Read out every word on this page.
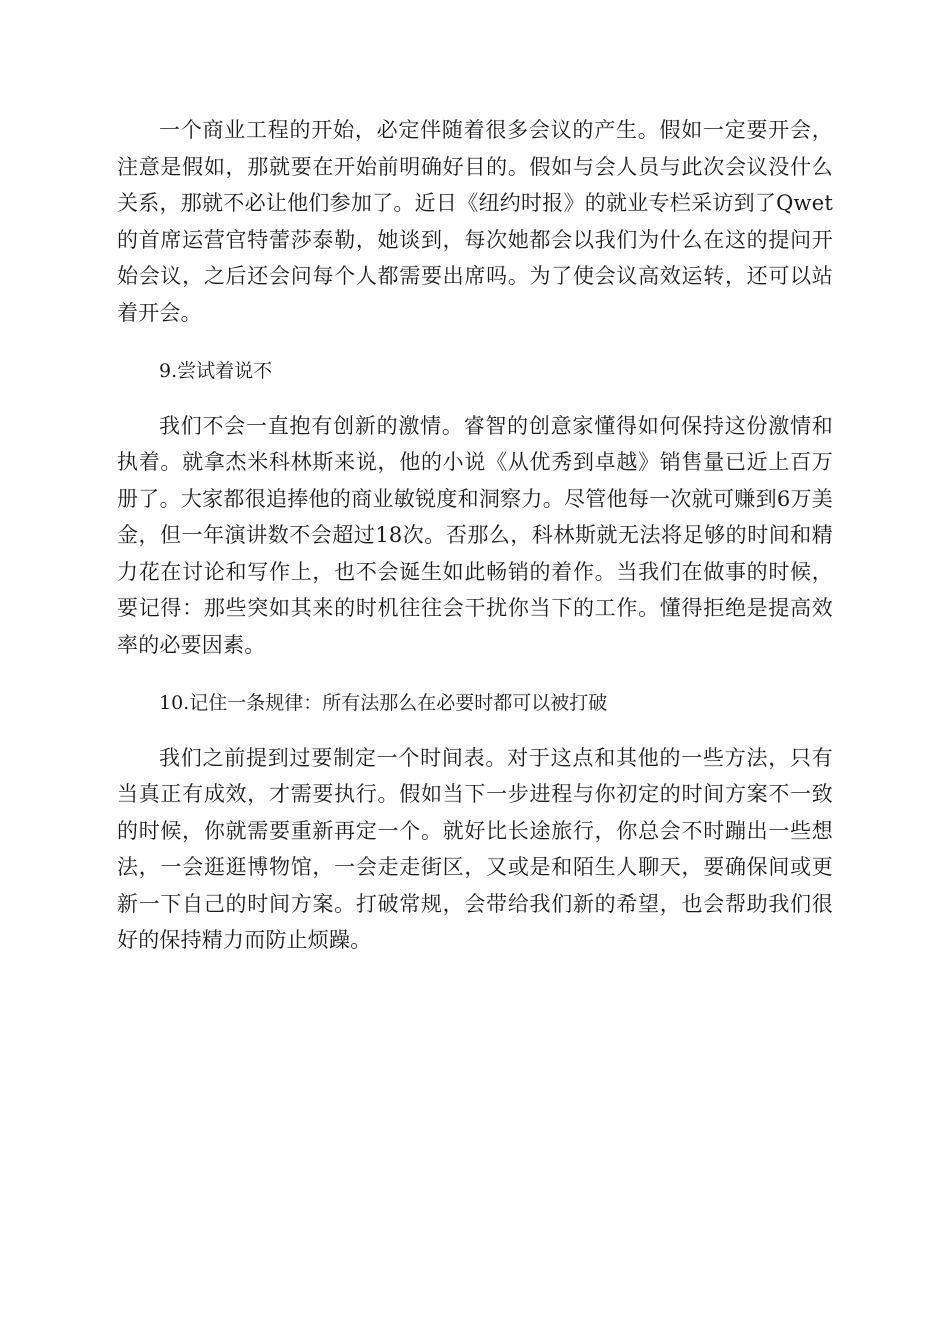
一个商业工程的开始，必定伴随着很多会议的产生。假如一定要开会，注意是假如，那就要在开始前明确好目的。假如与会人员与此次会议没什么关系，那就不必让他们参加了。近日《纽约时报》的就业专栏采访到了Qwet的首席运营官特蕾莎泰勒，她谈到，每次她都会以我们为什么在这的提问开始会议，之后还会问每个人都需要出席吗。为了使会议高效运转，还可以站着开会。

9.尝试着说不

我们不会一直抱有创新的激情。睿智的创意家懂得如何保持这份激情和执着。就拿杰米科林斯来说，他的小说《从优秀到卓越》销售量已近上百万册了。大家都很追捧他的商业敏锐度和洞察力。尽管他每一次就可赚到6万美金，但一年演讲数不会超过18次。否那么，科林斯就无法将足够的时间和精力花在讨论和写作上，也不会诞生如此畅销的着作。当我们在做事的时候，要记得：那些突如其来的时机往往会干扰你当下的工作。懂得拒绝是提高效率的必要因素。

10.记住一条规律：所有法那么在必要时都可以被打破

我们之前提到过要制定一个时间表。对于这点和其他的一些方法，只有当真正有成效，才需要执行。假如当下一步进程与你初定的时间方案不一致的时候，你就需要重新再定一个。就好比长途旅行，你总会不时蹦出一些想法，一会逛逛博物馆，一会走走街区，又或是和陌生人聊天，要确保间或更新一下自己的时间方案。打破常规，会带给我们新的希望，也会帮助我们很好的保持精力而防止烦躁。
